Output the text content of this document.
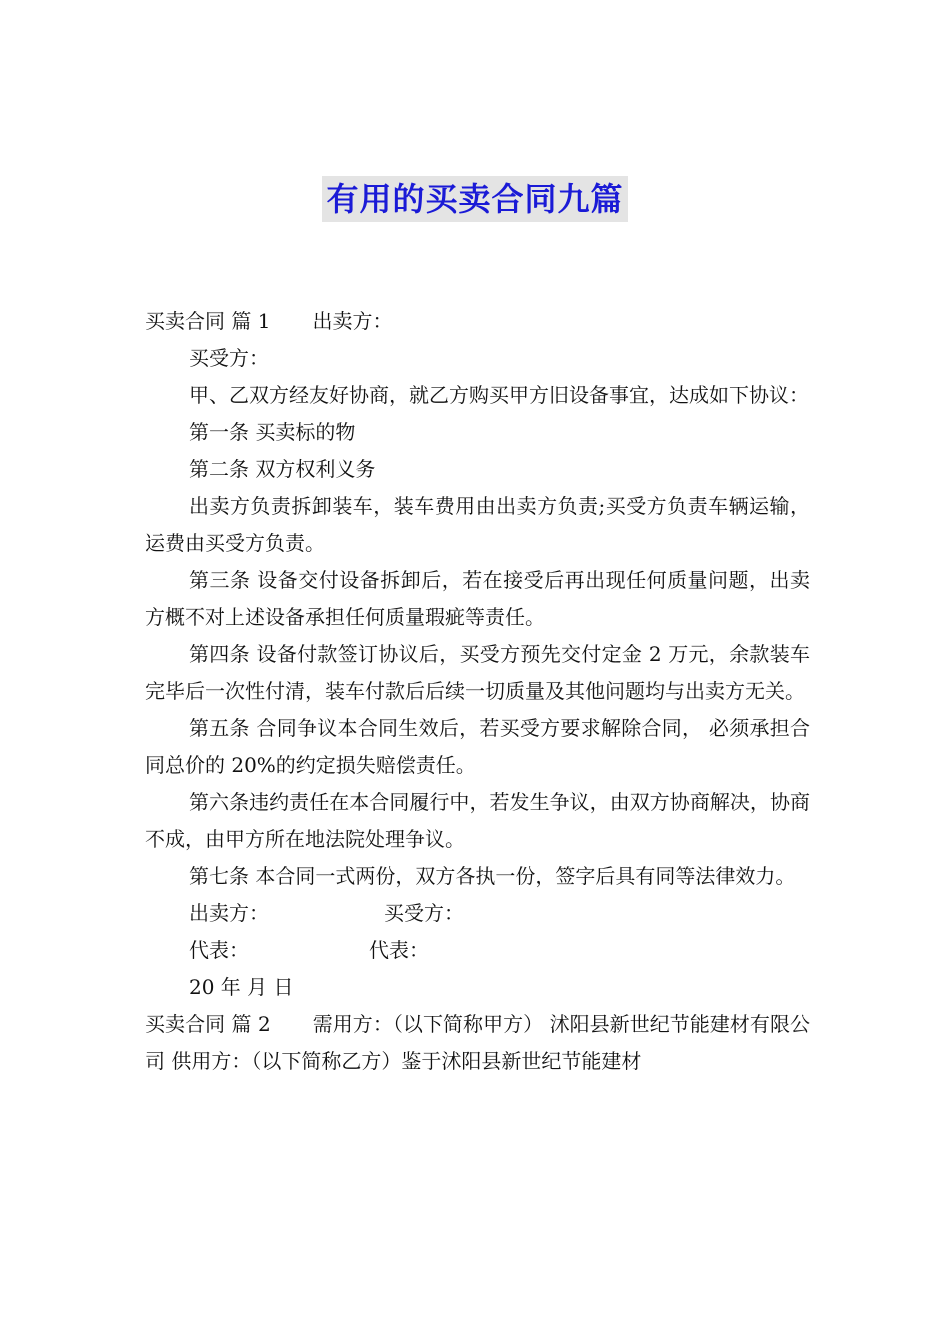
有用的买卖合同九篇

买卖合同 篇 1 出卖方：

买受方：

甲、乙双方经友好协商，就乙方购买甲方旧设备事宜，达成如下协议：

第一条 买卖标的物

第二条 双方权利义务

出卖方负责拆卸装车，装车费用由出卖方负责;买受方负责车辆运输，运费由买受方负责。

第三条 设备交付设备拆卸后，若在接受后再出现任何质量问题，出卖方概不对上述设备承担任何质量瑕疵等责任。

第四条 设备付款签订协议后，买受方预先交付定金 2 万元，余款装车完毕后一次性付清，装车付款后后续一切质量及其他问题均与出卖方无关。

第五条 合同争议本合同生效后，若买受方要求解除合同， 必须承担合同总价的 20%的约定损失赔偿责任。

第六条违约责任在本合同履行中，若发生争议，由双方协商解决，协商不成，由甲方所在地法院处理争议。

第七条 本合同一式两份，双方各执一份，签字后具有同等法律效力。

出卖方：	买受方：

代表：	代表：

20 年 月 日

买卖合同 篇 2 需用方：（以下简称甲方） 沭阳县新世纪节能建材有限公司 供用方：（以下简称乙方）鉴于沭阳县新世纪节能建材
